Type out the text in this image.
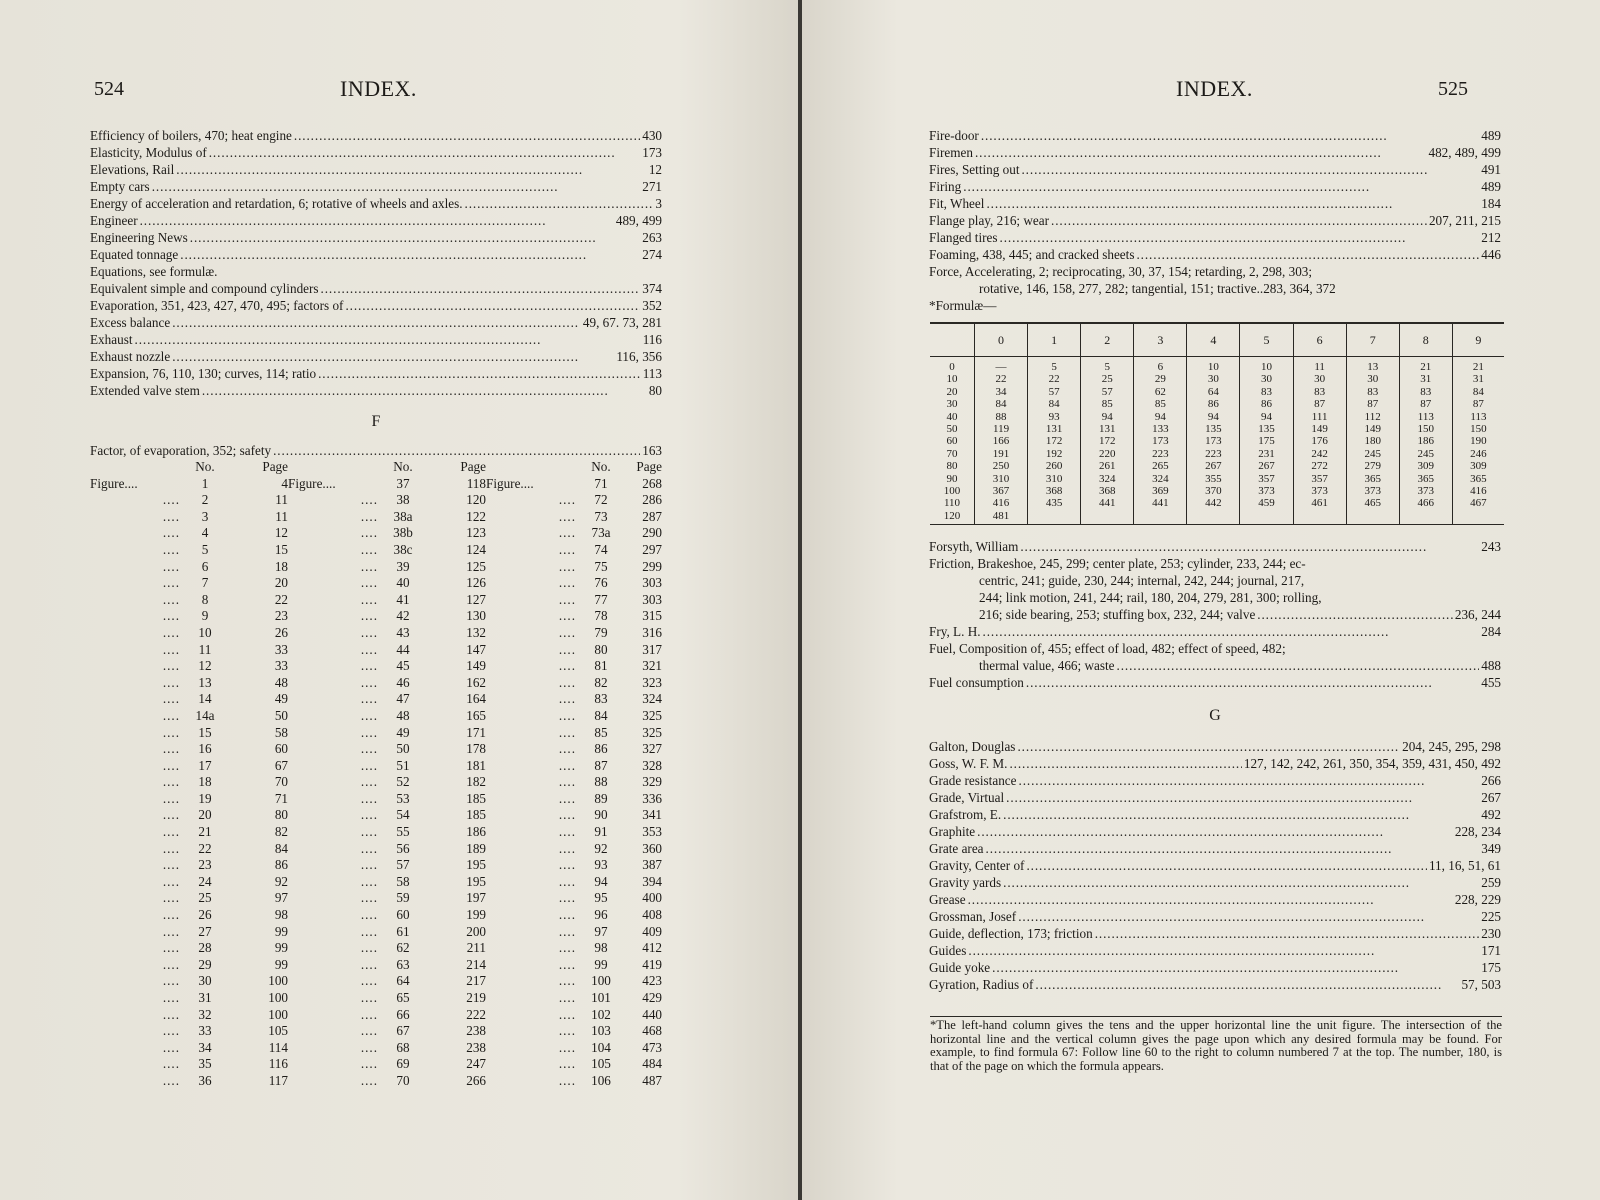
524	INDEX.
Efficiency of boilers, 470; heat engine . . .	430
Elasticity, Modulus of . . .	173
Elevations, Rail . . .	12
Empty cars . . .	271
Energy of acceleration and retardation, 6; rotative of wheels and axles. . . .	3
Engineer . . .	489, 499
Engineering News . . .	263
Equated tonnage . . .	274
Equations, see formulæ.
Equivalent simple and compound cylinders . . .	374
Evaporation, 351, 423, 427, 470, 495; factors of . . .	352
Excess balance . . .	49, 67. 73, 281
Exhaust . . .	116
Exhaust nozzle . . .	116, 356
Expansion, 76, 110, 130; curves, 114; ratio . . .	113
Extended valve stem . . .	80
F
Factor, of evaporation, 352; safety . . .	163
		No.	Page			No.	Page			No.	Page
Figure....		1	4	Figure....		37	118	Figure....		71	268
	....	2	11		....	38	120		....	72	286
	....	3	11		....	38a	122		....	73	287
	....	4	12		....	38b	123		....	73a	290
	....	5	15		....	38c	124		....	74	297
	....	6	18		....	39	125		....	75	299
	....	7	20		....	40	126		....	76	303
	....	8	22		....	41	127		....	77	303
	....	9	23		....	42	130		....	78	315
	....	10	26		....	43	132		....	79	316
	....	11	33		....	44	147		....	80	317
	....	12	33		....	45	149		....	81	321
	....	13	48		....	46	162		....	82	323
	....	14	49		....	47	164		....	83	324
	....	14a	50		....	48	165		....	84	325
	....	15	58		....	49	171		....	85	325
	....	16	60		....	50	178		....	86	327
	....	17	67		....	51	181		....	87	328
	....	18	70		....	52	182		....	88	329
	....	19	71		....	53	185		....	89	336
	....	20	80		....	54	185		....	90	341
	....	21	82		....	55	186		....	91	353
	....	22	84		....	56	189		....	92	360
	....	23	86		....	57	195		....	93	387
	....	24	92		....	58	195		....	94	394
	....	25	97		....	59	197		....	95	400
	....	26	98		....	60	199		....	96	408
	....	27	99		....	61	200		....	97	409
	....	28	99		....	62	211		....	98	412
	....	29	99		....	63	214		....	99	419
	....	30	100		....	64	217		....	100	423
	....	31	100		....	65	219		....	101	429
	....	32	100		....	66	222		....	102	440
	....	33	105		....	67	238		....	103	468
	....	34	114		....	68	238		....	104	473
	....	35	116		....	69	247		....	105	484
	....	36	117		....	70	266		....	106	487
INDEX.	525
Fire-door . . .	489
Firemen . . .	482, 489, 499
Fires, Setting out . . .	491
Firing . . .	489
Fit, Wheel . . .	184
Flange play, 216; wear . . .	207, 211, 215
Flanged tires . . .	212
Foaming, 438, 445; and cracked sheets . . .	446
Force, Accelerating, 2; reciprocating, 30, 37, 154; retarding, 2, 298, 303;
rotative, 146, 158, 277, 282; tangential, 151; tractive..283, 364, 372
*Formulæ—
	0	1	2	3	4	5	6	7	8	9
0	—	5	5	6	10	10	11	13	21	21
10	22	22	25	29	30	30	30	30	31	31
20	34	57	57	62	64	83	83	83	83	84
30	84	84	85	85	86	86	87	87	87	87
40	88	93	94	94	94	94	111	112	113	113
50	119	131	131	133	135	135	149	149	150	150
60	166	172	172	173	173	175	176	180	186	190
70	191	192	220	223	223	231	242	245	245	246
80	250	260	261	265	267	267	272	279	309	309
90	310	310	324	324	355	357	357	365	365	365
100	367	368	368	369	370	373	373	373	373	416
110	416	435	441	441	442	459	461	465	466	467
120	481									
Forsyth, William . . .	243
Friction, Brakeshoe, 245, 299; center plate, 253; cylinder, 233, 244; ec-
centric, 241; guide, 230, 244; internal, 242, 244; journal, 217,
244; link motion, 241, 244; rail, 180, 204, 279, 281, 300; rolling,
216; side bearing, 253; stuffing box, 232, 244; valve . . .	236, 244
Fry, L. H. . . .	284
Fuel, Composition of, 455; effect of load, 482; effect of speed, 482;
thermal value, 466; waste . . .	488
Fuel consumption . . .	455
G
Galton, Douglas . . .	204, 245, 295, 298
Goss, W. F. M. . . .	127, 142, 242, 261, 350, 354, 359, 431, 450, 492
Grade resistance . . .	266
Grade, Virtual . . .	267
Grafstrom, E. . . .	492
Graphite . . .	228, 234
Grate area . . .	349
Gravity, Center of . . .	11, 16, 51, 61
Gravity yards . . .	259
Grease . . .	228, 229
Grossman, Josef . . .	225
Guide, deflection, 173; friction . . .	230
Guides . . .	171
Guide yoke . . .	175
Gyration, Radius of . . .	57, 503
*The left-hand column gives the tens and the upper horizontal line the unit figure. The intersection of the horizontal line and the vertical column gives the page upon which any desired formula may be found. For example, to find formula 67: Follow line 60 to the right to column numbered 7 at the top. The number, 180, is that of the page on which the formula appears.
